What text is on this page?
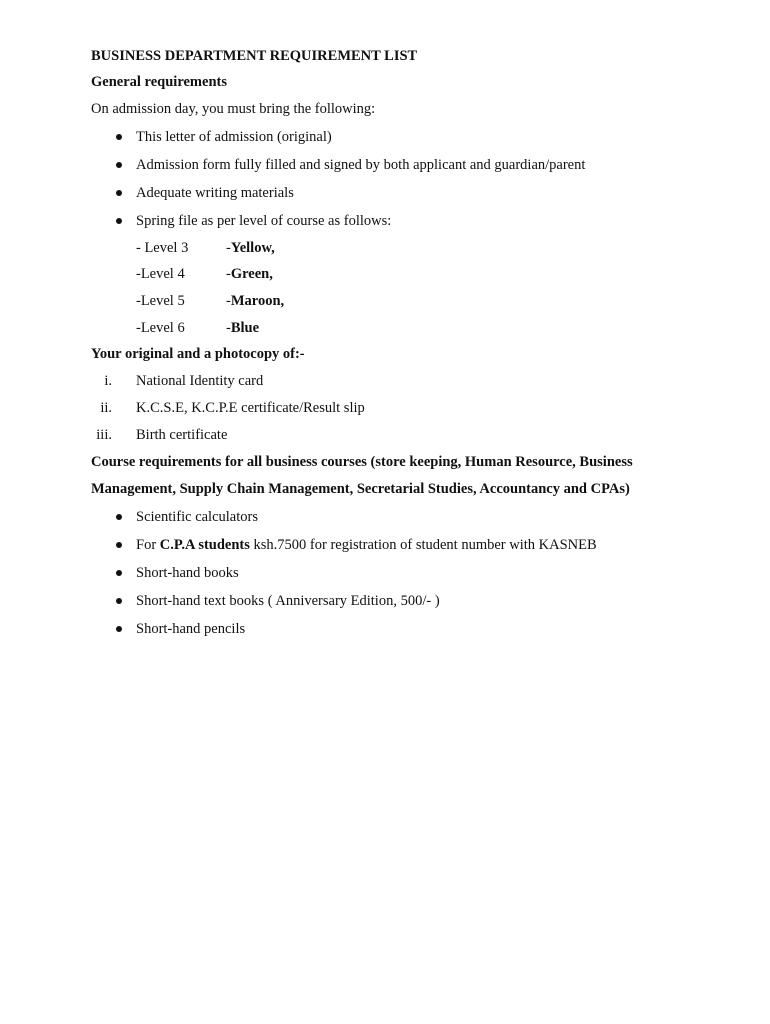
BUSINESS DEPARTMENT REQUIREMENT LIST
General requirements
On admission day, you must bring the following:
This letter of admission (original)
Admission form fully filled and signed by both applicant and guardian/parent
Adequate writing materials
Spring file as per level of course as follows:
- Level 3	-Yellow,
-Level 4	-Green,
-Level 5	-Maroon,
-Level 6	-Blue
Your original and a photocopy of:-
i. National Identity card
ii. K.C.S.E, K.C.P.E certificate/Result slip
iii. Birth certificate
Course requirements for all business courses (store keeping, Human Resource, Business
Management, Supply Chain Management, Secretarial Studies, Accountancy and CPAs)
Scientific calculators
For C.P.A students ksh.7500 for registration of student number with KASNEB
Short-hand books
Short-hand text books ( Anniversary Edition, 500/- )
Short-hand pencils
